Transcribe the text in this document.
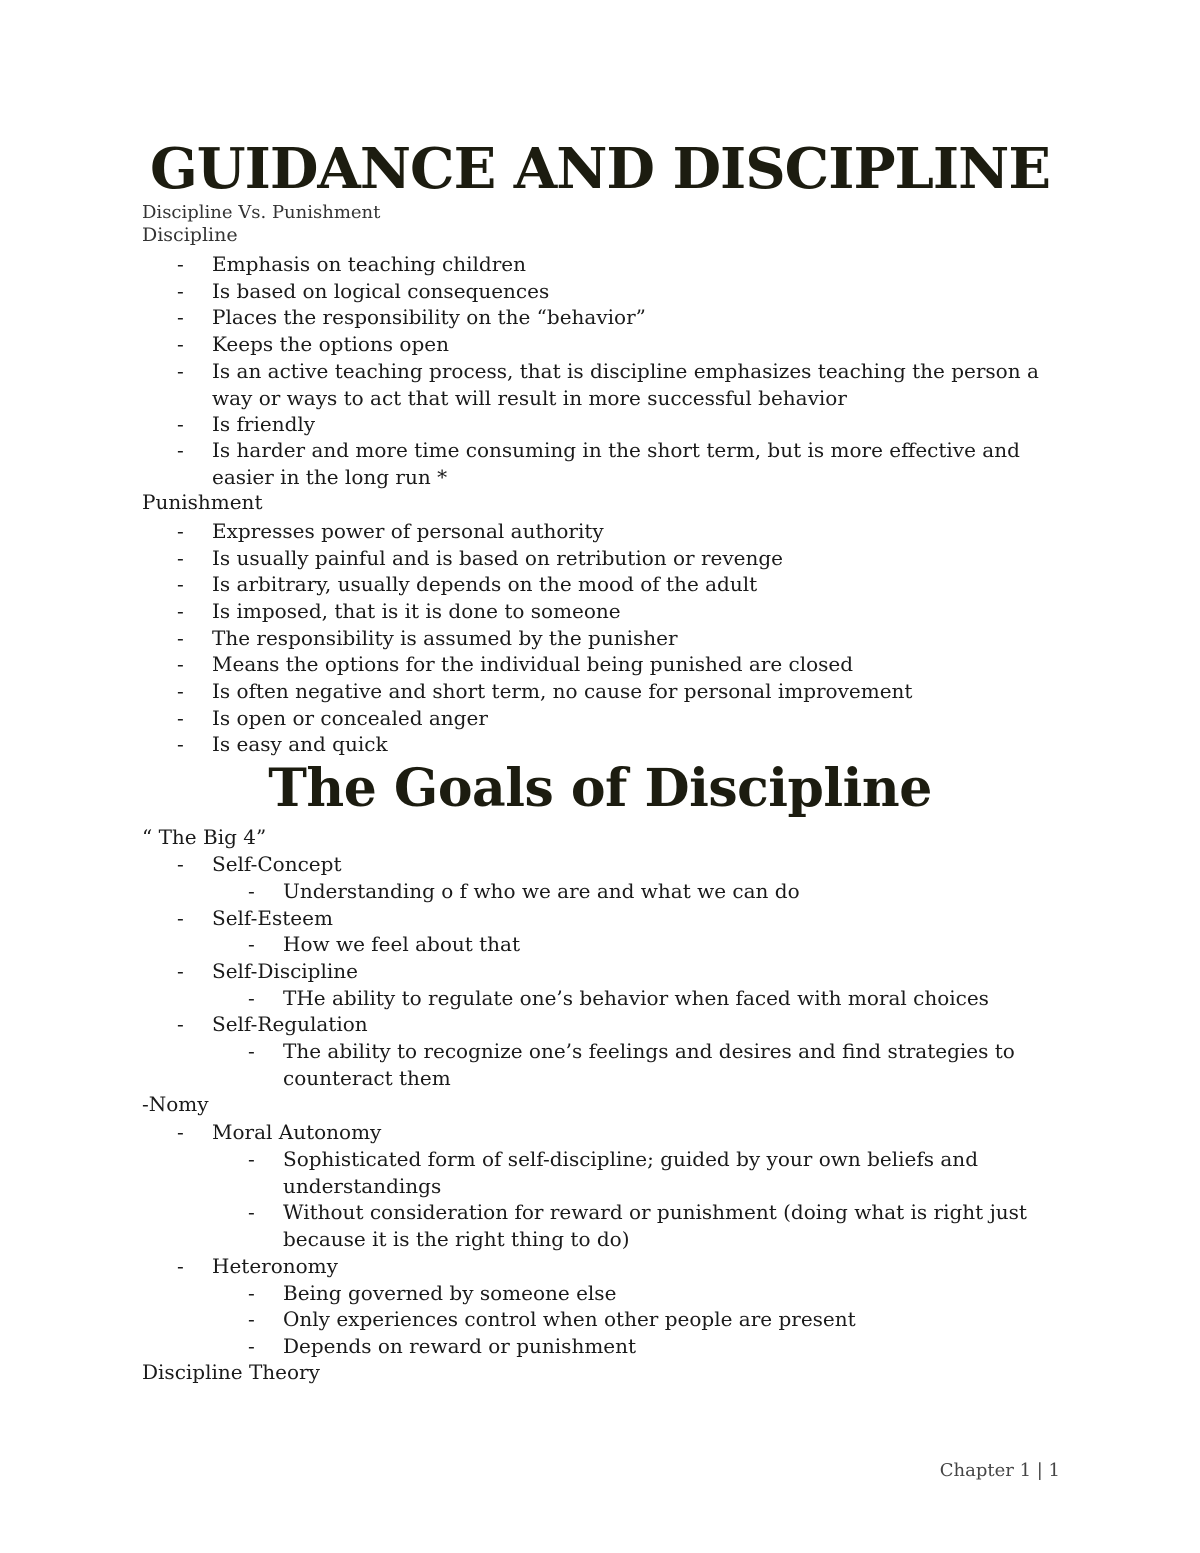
GUIDANCE AND DISCIPLINE
Discipline Vs. Punishment
Discipline
- Emphasis on teaching children
- Is based on logical consequences
- Places the responsibility on the “behavior”
- Keeps the options open
- Is an active teaching process, that is discipline emphasizes teaching the person a way or ways to act that will result in more successful behavior
- Is friendly
- Is harder and more time consuming in the short term, but is more effective and easier in the long run *
Punishment
- Expresses power of personal authority
- Is usually painful and is based on retribution or revenge
- Is arbitrary, usually depends on the mood of the adult
- Is imposed, that is it is done to someone
- The responsibility is assumed by the punisher
- Means the options for the individual being punished are closed
- Is often negative and short term, no cause for personal improvement
- Is open or concealed anger
- Is easy and quick
The Goals of Discipline
“ The Big 4”
- Self-Concept
- Understanding o f who we are and what we can do
- Self-Esteem
- How we feel about that
- Self-Discipline
- THe ability to regulate one’s behavior when faced with moral choices
- Self-Regulation
- The ability to recognize one’s feelings and desires and find strategies to counteract them
-Nomy
- Moral Autonomy
- Sophisticated form of self-discipline; guided by your own beliefs and understandings
- Without consideration for reward or punishment (doing what is right just because it is the right thing to do)
- Heteronomy
- Being governed by someone else
- Only experiences control when other people are present
- Depends on reward or punishment
Discipline Theory
Chapter 1 | 1
